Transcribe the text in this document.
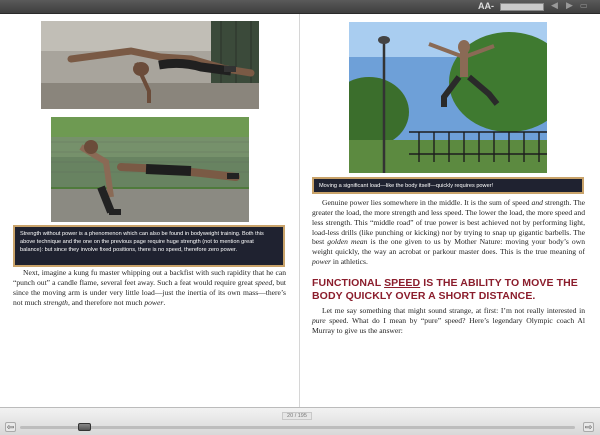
AA-	◀ ▶ ▭
Strength without power is a phenomenon which can also be found in bodyweight training. Both this above technique and the one on the previous page require huge strength (not to mention great balance): but since they involve fixed positions, there is no speed, therefore zero power.

Next, imagine a kung fu master whipping out a backfist with such rapidity that he can “punch out” a candle flame, several feet away. Such a feat would require great speed, but since the moving arm is under very little load—just the inertia of its own mass—there’s not much strength, and therefore not much power.

Moving a significant load—like the body itself—quickly requires power!

Genuine power lies somewhere in the middle. It is the sum of speed and strength. The greater the load, the more strength and less speed. The lower the load, the more speed and less strength. This “middle road” of true power is best achieved not by performing light, load-less drills (like punching or kicking) nor by trying to snap up gigantic barbells. The best golden mean is the one given to us by Mother Nature: moving your body’s own weight quickly, the way an acrobat or parkour master does. This is the true meaning of power in athletics.

FUNCTIONAL SPEED IS THE ABILITY TO MOVE THE BODY QUICKLY OVER A SHORT DISTANCE.

Let me say something that might sound strange, at first: I’m not really interested in pure speed. What do I mean by “pure” speed? Here’s legendary Olympic coach Al Murray to give us the answer:

20 / 195
⇦	⇨
